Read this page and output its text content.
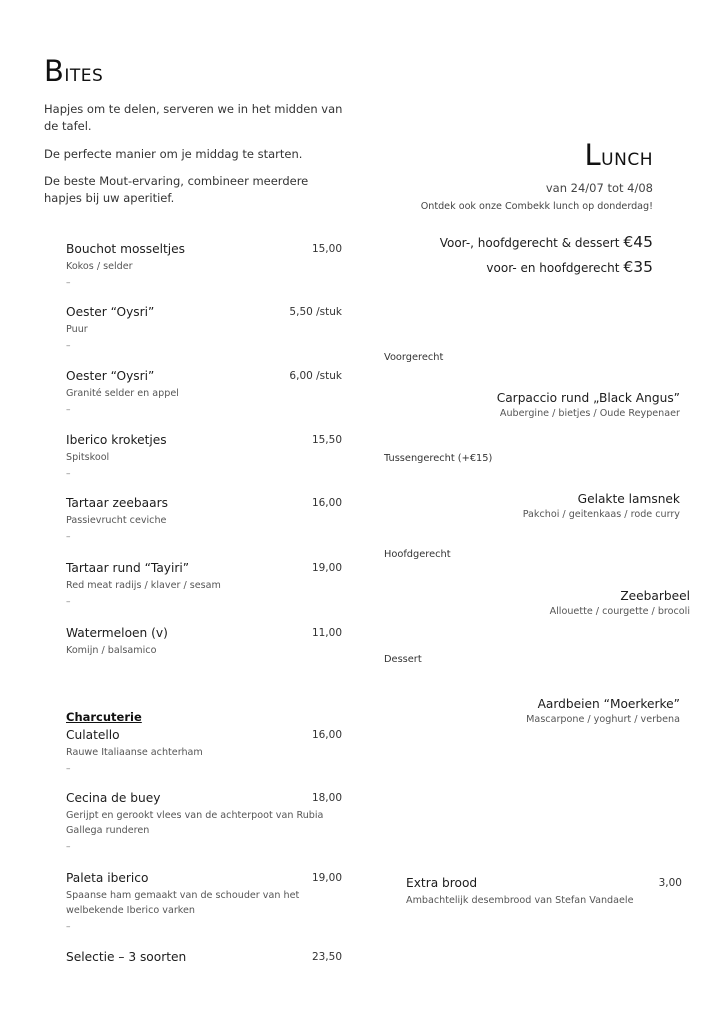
Bites
Hapjes om te delen, serveren we in het midden van de tafel.
De perfecte manier om je middag te starten.
De beste Mout-ervaring, combineer meerdere hapjes bij uw aperitief.
Bouchot mosseltjes	15,00
Kokos / selder
–
Oester “Oysri”	5,50 /stuk
Puur
–
Oester “Oysri”	6,00 /stuk
Granité selder en appel
–
Iberico kroketjes	15,50
Spitskool
–
Tartaar zeebaars	16,00
Passievrucht ceviche
–
Tartaar rund “Tayiri”	19,00
Red meat radijs / klaver / sesam
–
Watermeloen (v)	11,00
Komijn / balsamico
Charcuterie
Culatello	16,00
Rauwe Italiaanse achterham
–
Cecina de buey	18,00
Gerijpt en gerookt vlees van de achterpoot van Rubia Gallega runderen
–
Paleta iberico	19,00
Spaanse ham gemaakt van de schouder van het welbekende Iberico varken
–
Selectie – 3 soorten	23,50
Lunch
van 24/07 tot 4/08
Ontdek ook onze Combekk lunch op donderdag!
Voor-, hoofdgerecht & dessert €45
voor- en hoofdgerecht €35
Voorgerecht
Carpaccio rund „Black Angus”
Aubergine / bietjes / Oude Reypenaer
Tussengerecht (+€15)
Gelakte lamsnek
Pakchoi / geitenkaas / rode curry
Hoofdgerecht
Zeebarbeel
Allouette / courgette / brocoli
Dessert
Aardbeien “Moerkerke”
Mascarpone / yoghurt / verbena
Extra brood	3,00
Ambachtelijk desembrood van Stefan Vandaele
